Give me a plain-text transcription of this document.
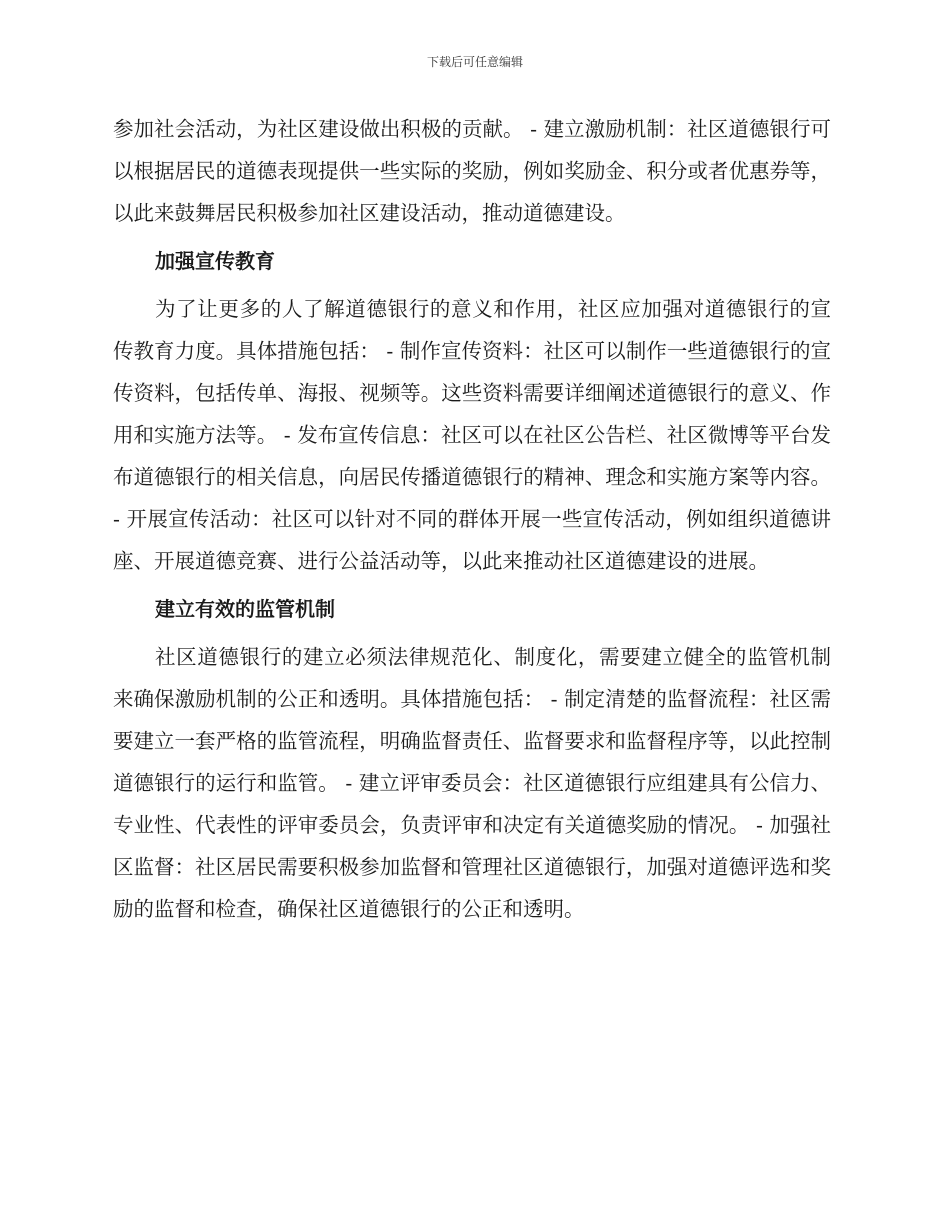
下载后可任意编辑

参加社会活动，为社区建设做出积极的贡献。 - 建立激励机制：社区道德银行可以根据居民的道德表现提供一些实际的奖励，例如奖励金、积分或者优惠券等，以此来鼓舞居民积极参加社区建设活动，推动道德建设。

加强宣传教育

为了让更多的人了解道德银行的意义和作用，社区应加强对道德银行的宣传教育力度。具体措施包括： - 制作宣传资料：社区可以制作一些道德银行的宣传资料，包括传单、海报、视频等。这些资料需要详细阐述道德银行的意义、作用和实施方法等。 - 发布宣传信息：社区可以在社区公告栏、社区微博等平台发布道德银行的相关信息，向居民传播道德银行的精神、理念和实施方案等内容。 - 开展宣传活动：社区可以针对不同的群体开展一些宣传活动，例如组织道德讲座、开展道德竞赛、进行公益活动等，以此来推动社区道德建设的进展。

建立有效的监管机制

社区道德银行的建立必须法律规范化、制度化，需要建立健全的监管机制来确保激励机制的公正和透明。具体措施包括： - 制定清楚的监督流程：社区需要建立一套严格的监管流程，明确监督责任、监督要求和监督程序等，以此控制道德银行的运行和监管。 - 建立评审委员会：社区道德银行应组建具有公信力、专业性、代表性的评审委员会，负责评审和决定有关道德奖励的情况。 - 加强社区监督：社区居民需要积极参加监督和管理社区道德银行，加强对道德评选和奖励的监督和检查，确保社区道德银行的公正和透明。
